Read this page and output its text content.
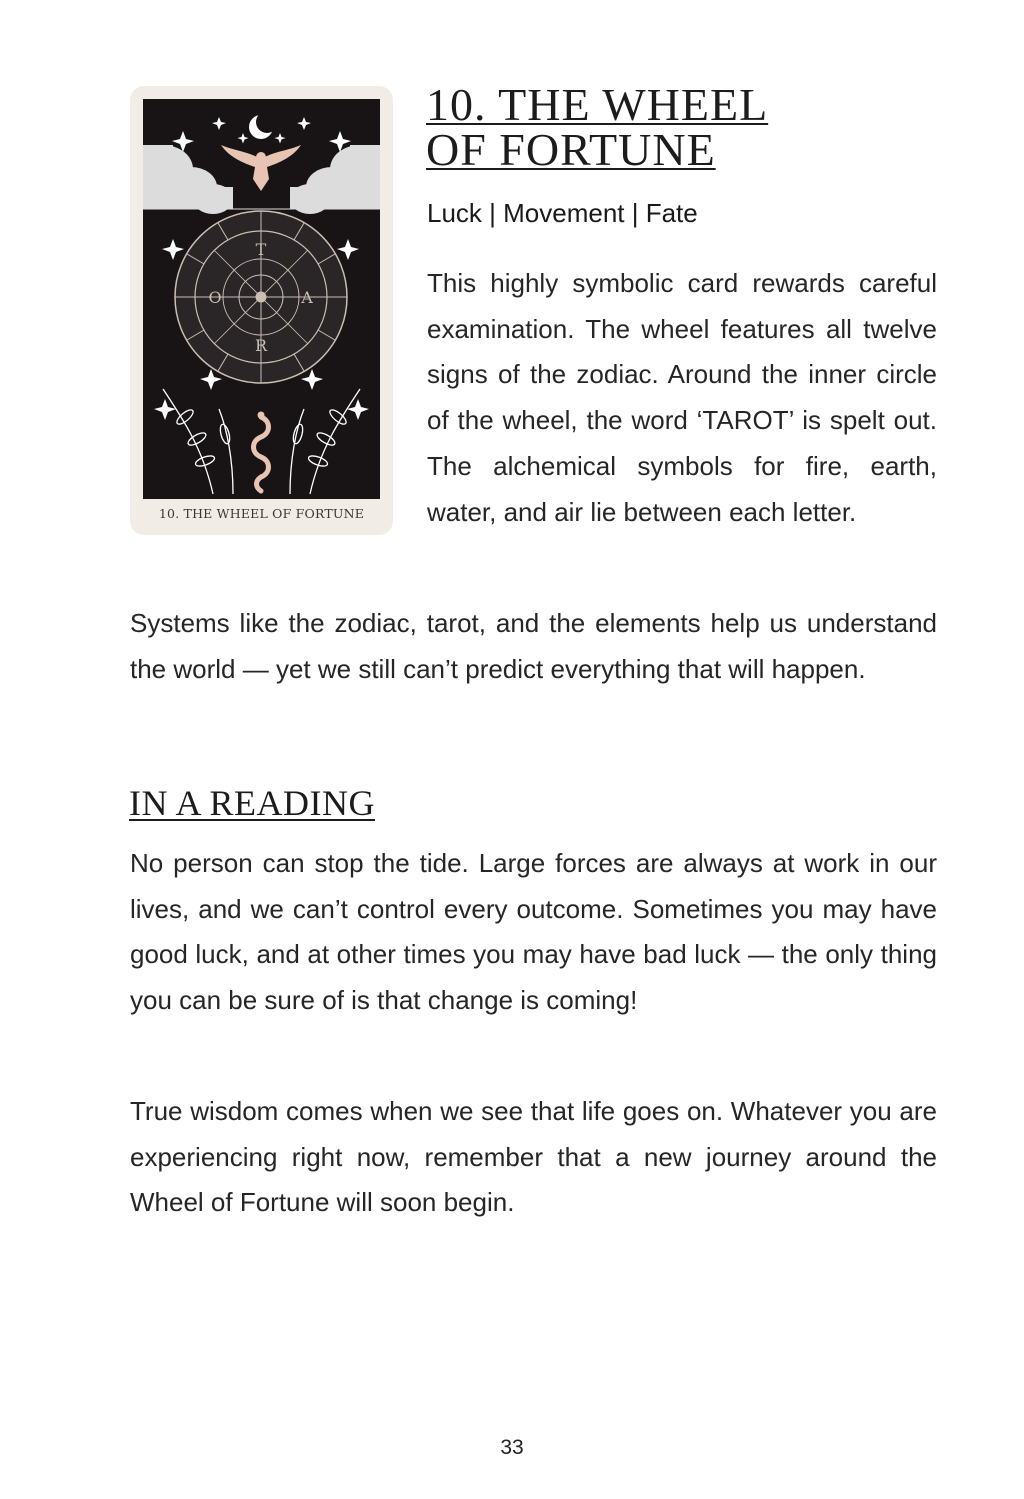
T
A
R
O
10. THE WHEEL OF FORTUNE
10. THE WHEEL
OF FORTUNE
Luck | Movement | Fate

This highly symbolic card rewards careful examination. The wheel features all twelve signs of the zodiac. Around the inner circle of the wheel, the word ‘TAROT’ is spelt out. The alchemical symbols for fire, earth, water, and air lie between each letter.

Systems like the zodiac, tarot, and the elements help us understand the world — yet we still can’t predict everything that will happen.

IN A READING

No person can stop the tide. Large forces are always at work in our lives, and we can’t control every outcome. Sometimes you may have good luck, and at other times you may have bad luck — the only thing you can be sure of is that change is coming!

True wisdom comes when we see that life goes on. Whatever you are experiencing right now, remember that a new journey around the Wheel of Fortune will soon begin.

33
